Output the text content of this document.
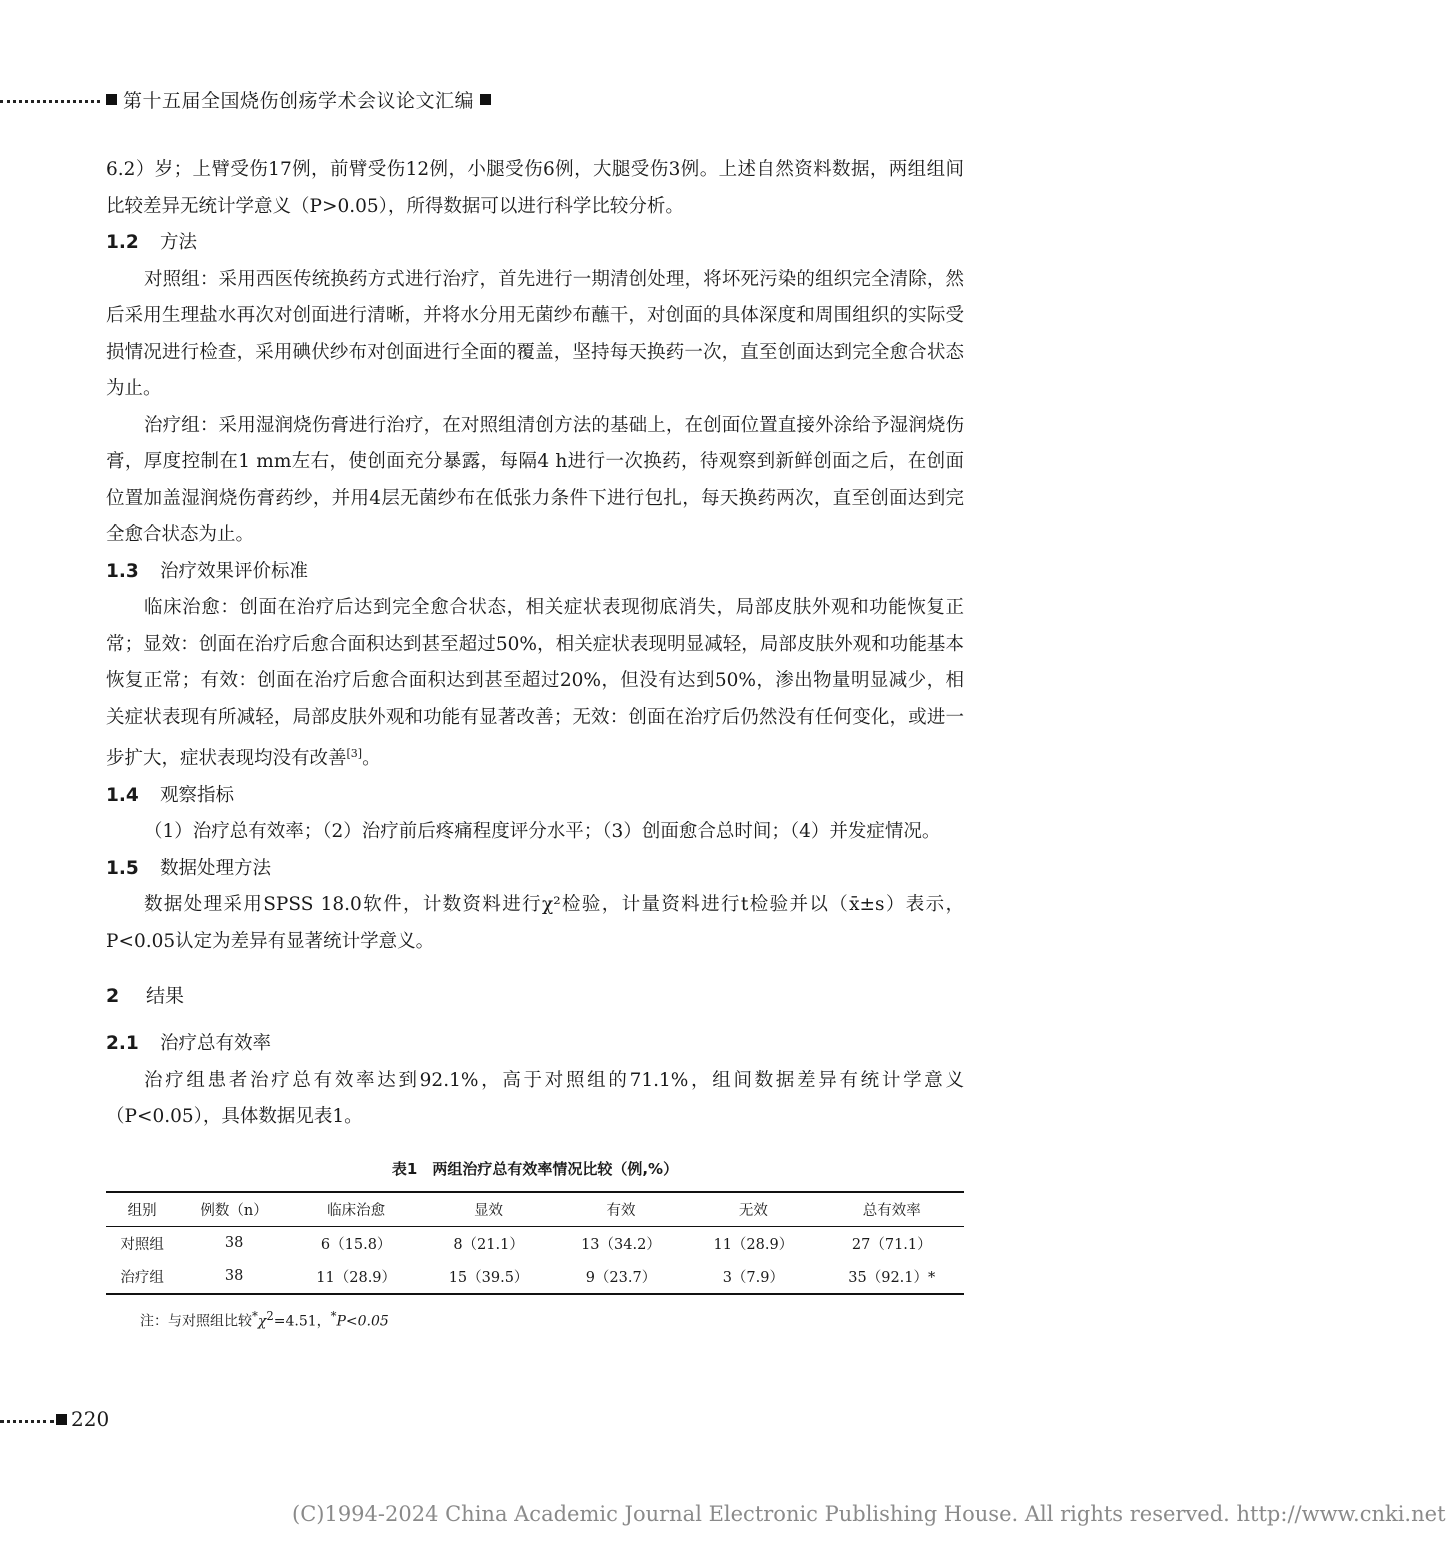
第十五届全国烧伤创疡学术会议论文汇编

6.2）岁；上臂受伤17例，前臂受伤12例，小腿受伤6例，大腿受伤3例。上述自然资料数据，两组组间比较差异无统计学意义（P>0.05），所得数据可以进行科学比较分析。

1.2 方法

对照组：采用西医传统换药方式进行治疗，首先进行一期清创处理，将坏死污染的组织完全清除，然后采用生理盐水再次对创面进行清晰，并将水分用无菌纱布蘸干，对创面的具体深度和周围组织的实际受损情况进行检查，采用碘伏纱布对创面进行全面的覆盖，坚持每天换药一次，直至创面达到完全愈合状态为止。

治疗组：采用湿润烧伤膏进行治疗，在对照组清创方法的基础上，在创面位置直接外涂给予湿润烧伤膏，厚度控制在1 mm左右，使创面充分暴露，每隔4 h进行一次换药，待观察到新鲜创面之后，在创面位置加盖湿润烧伤膏药纱，并用4层无菌纱布在低张力条件下进行包扎，每天换药两次，直至创面达到完全愈合状态为止。

1.3 治疗效果评价标准

临床治愈：创面在治疗后达到完全愈合状态，相关症状表现彻底消失，局部皮肤外观和功能恢复正常；显效：创面在治疗后愈合面积达到甚至超过50%，相关症状表现明显减轻，局部皮肤外观和功能基本恢复正常；有效：创面在治疗后愈合面积达到甚至超过20%，但没有达到50%，渗出物量明显减少，相关症状表现有所减轻，局部皮肤外观和功能有显著改善；无效：创面在治疗后仍然没有任何变化，或进一步扩大，症状表现均没有改善[3]。

1.4 观察指标

（1）治疗总有效率；（2）治疗前后疼痛程度评分水平；（3）创面愈合总时间；（4）并发症情况。

1.5 数据处理方法

数据处理采用SPSS 18.0软件，计数资料进行χ²检验，计量资料进行t检验并以（x̄±s）表示，P<0.05认定为差异有显著统计学意义。

2 结果
2.1 治疗总有效率

治疗组患者治疗总有效率达到92.1%，高于对照组的71.1%，组间数据差异有统计学意义（P<0.05），具体数据见表1。

表1　两组治疗总有效率情况比较（例,%）
组别	例数（n）	临床治愈	显效	有效	无效	总有效率
对照组	38	6（15.8）	8（21.1）	13（34.2）	11（28.9）	27（71.1）
治疗组	38	11（28.9）	15（39.5）	9（23.7）	3（7.9）	35（92.1）*
注：与对照组比较$^*\chi^2=4.51$，*P<0.05
220
(C)1994-2024 China Academic Journal Electronic Publishing House. All rights reserved. http://www.cnki.net
